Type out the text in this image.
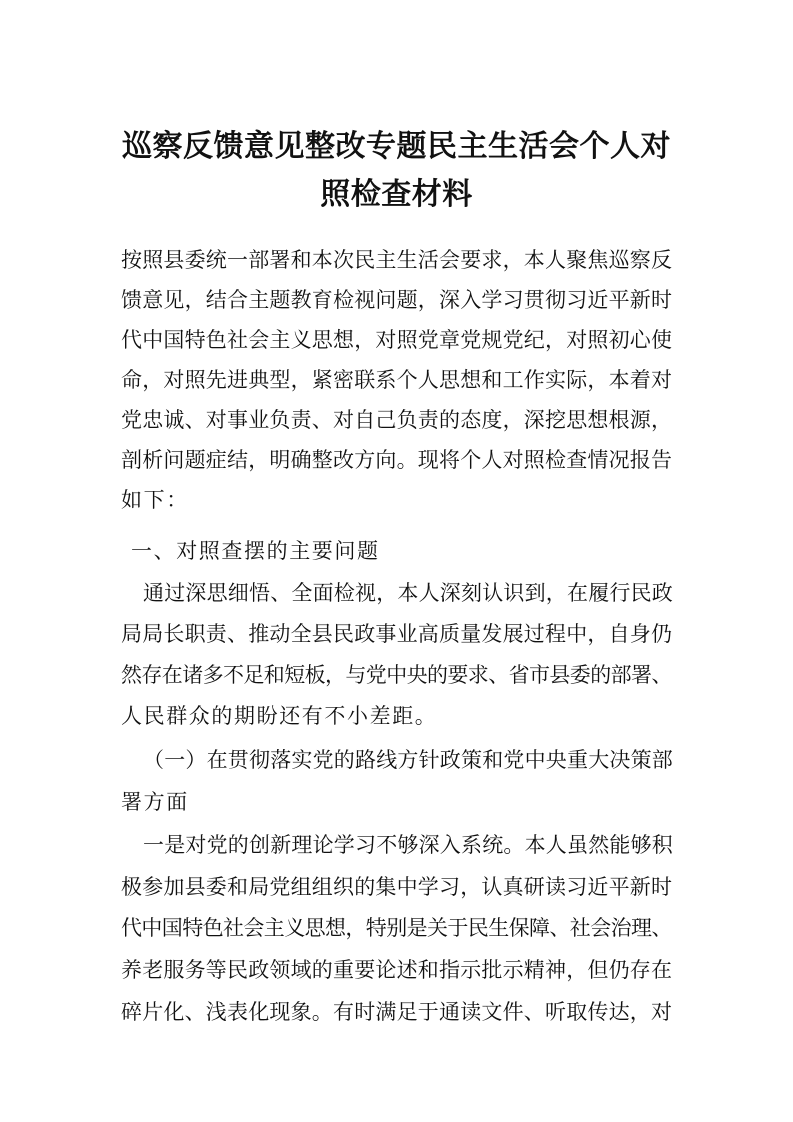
巡察反馈意见整改专题民主生活会个人对
照检查材料

按照县委统一部署和本次民主生活会要求，本人聚焦巡察反

馈意见，结合主题教育检视问题，深入学习贯彻习近平新时

代中国特色社会主义思想，对照党章党规党纪，对照初心使

命，对照先进典型，紧密联系个人思想和工作实际，本着对

党忠诚、对事业负责、对自己负责的态度，深挖思想根源，

剖析问题症结，明确整改方向。现将个人对照检查情况报告

如下：

一、对照查摆的主要问题

通过深思细悟、全面检视，本人深刻认识到，在履行民政

局局长职责、推动全县民政事业高质量发展过程中，自身仍

然存在诸多不足和短板，与党中央的要求、省市县委的部署、

人民群众的期盼还有不小差距。

（一）在贯彻落实党的路线方针政策和党中央重大决策部

署方面

一是对党的创新理论学习不够深入系统。本人虽然能够积

极参加县委和局党组组织的集中学习，认真研读习近平新时

代中国特色社会主义思想，特别是关于民生保障、社会治理、

养老服务等民政领域的重要论述和指示批示精神，但仍存在

碎片化、浅表化现象。有时满足于通读文件、听取传达，对
